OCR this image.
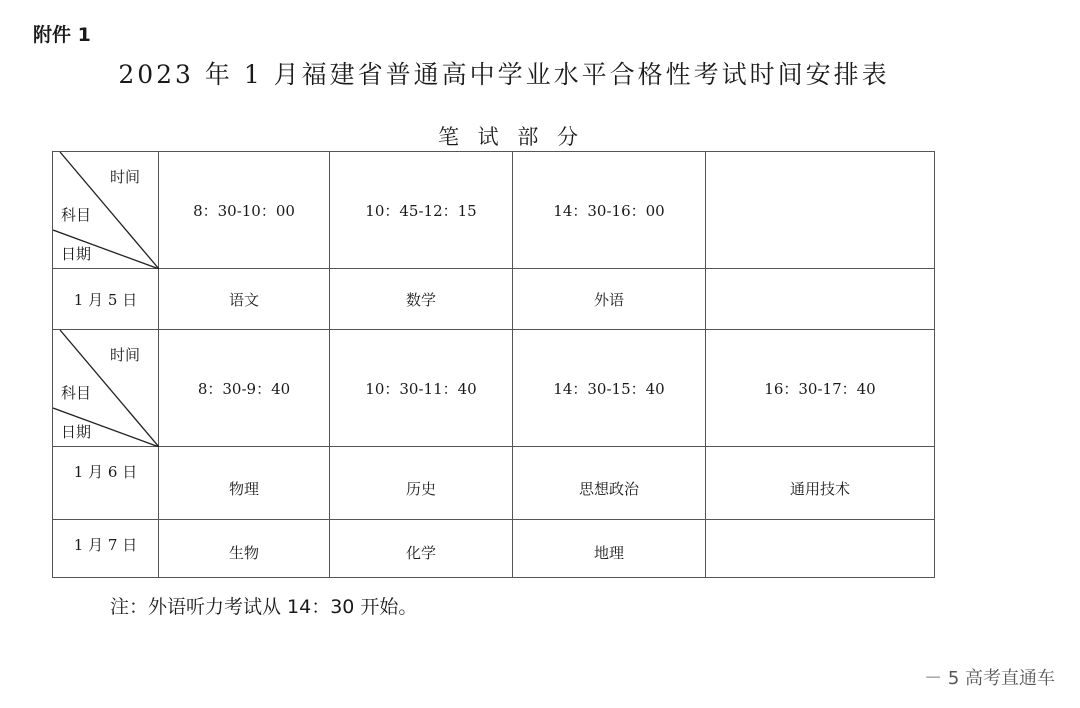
附件 1
2023 年 1 月福建省普通高中学业水平合格性考试时间安排表
笔 试 部 分
时间
科目
日期	8：30-10：00	10：45-12：15	14：30-16：00	
1 月 5 日	语文	数学	外语	

时间
科目
日期	8：30-9：40	10：30-11：40	14：30-15：40	16：30-17：40
1 月 6 日	物理	历史	思想政治	通用技术
1 月 7 日	生物	化学	地理	
注：外语听力考试从 14：30 开始。
－ 5 高考直通车
